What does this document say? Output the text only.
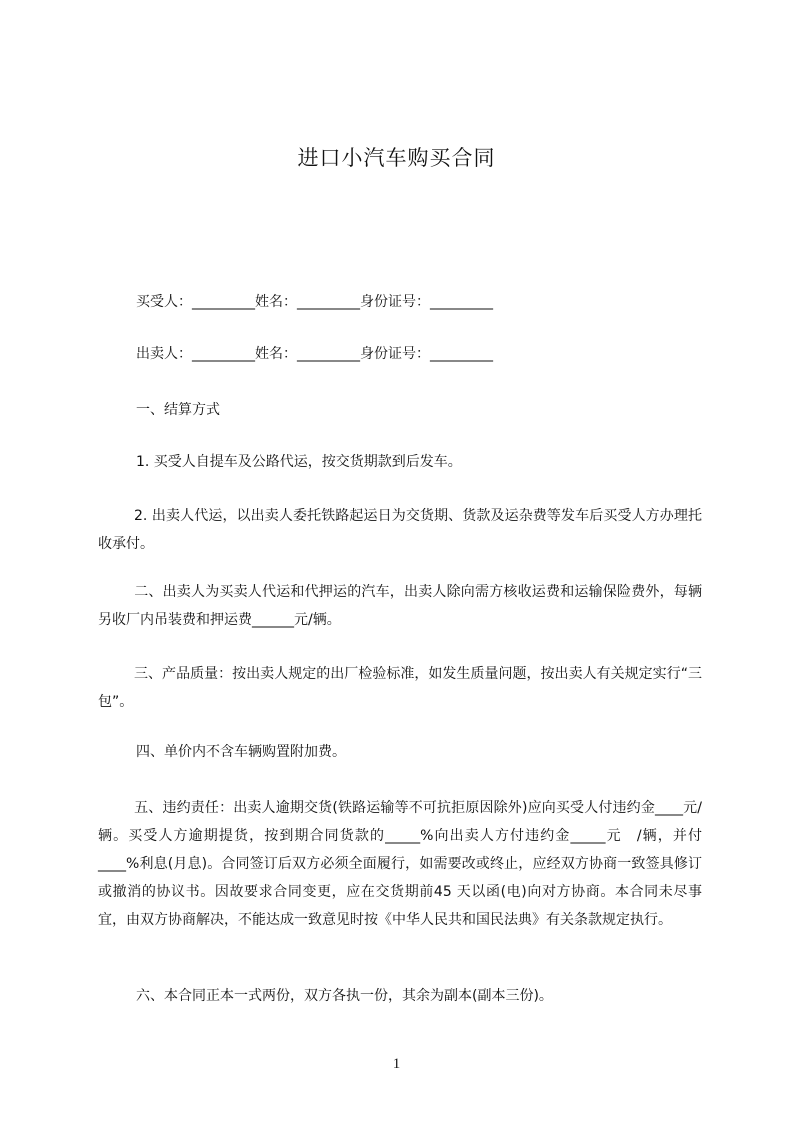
进口小汽车购买合同
买受人：_________姓名：_________身份证号：_________
出卖人：_________姓名：_________身份证号：_________
一、结算方式
1. 买受人自提车及公路代运，按交货期款到后发车。
2. 出卖人代运，以出卖人委托铁路起运日为交货期、货款及运杂费等发车后买受人方办理托收承付。
二、出卖人为买卖人代运和代押运的汽车，出卖人除向需方核收运费和运输保险费外，每辆另收厂内吊装费和押运费______元/辆。
三、产品质量：按出卖人规定的出厂检验标准，如发生质量问题，按出卖人有关规定实行“三包”。
四、单价内不含车辆购置附加费。
五、违约责任：出卖人逾期交货(铁路运输等不可抗拒原因除外)应向买受人付违约金____元/辆。买受人方逾期提货，按到期合同货款的_____%向出卖人方付违约金_____元　/辆，并付____%利息(月息)。合同签订后双方必须全面履行，如需要改或终止，应经双方协商一致签具修订或撤消的协议书。因故要求合同变更，应在交货期前45 天以函(电)向对方协商。本合同未尽事宜，由双方协商解决，不能达成一致意见时按《中华人民共和国民法典》有关条款规定执行。
六、本合同正本一式两份，双方各执一份，其余为副本(副本三份)。
1
